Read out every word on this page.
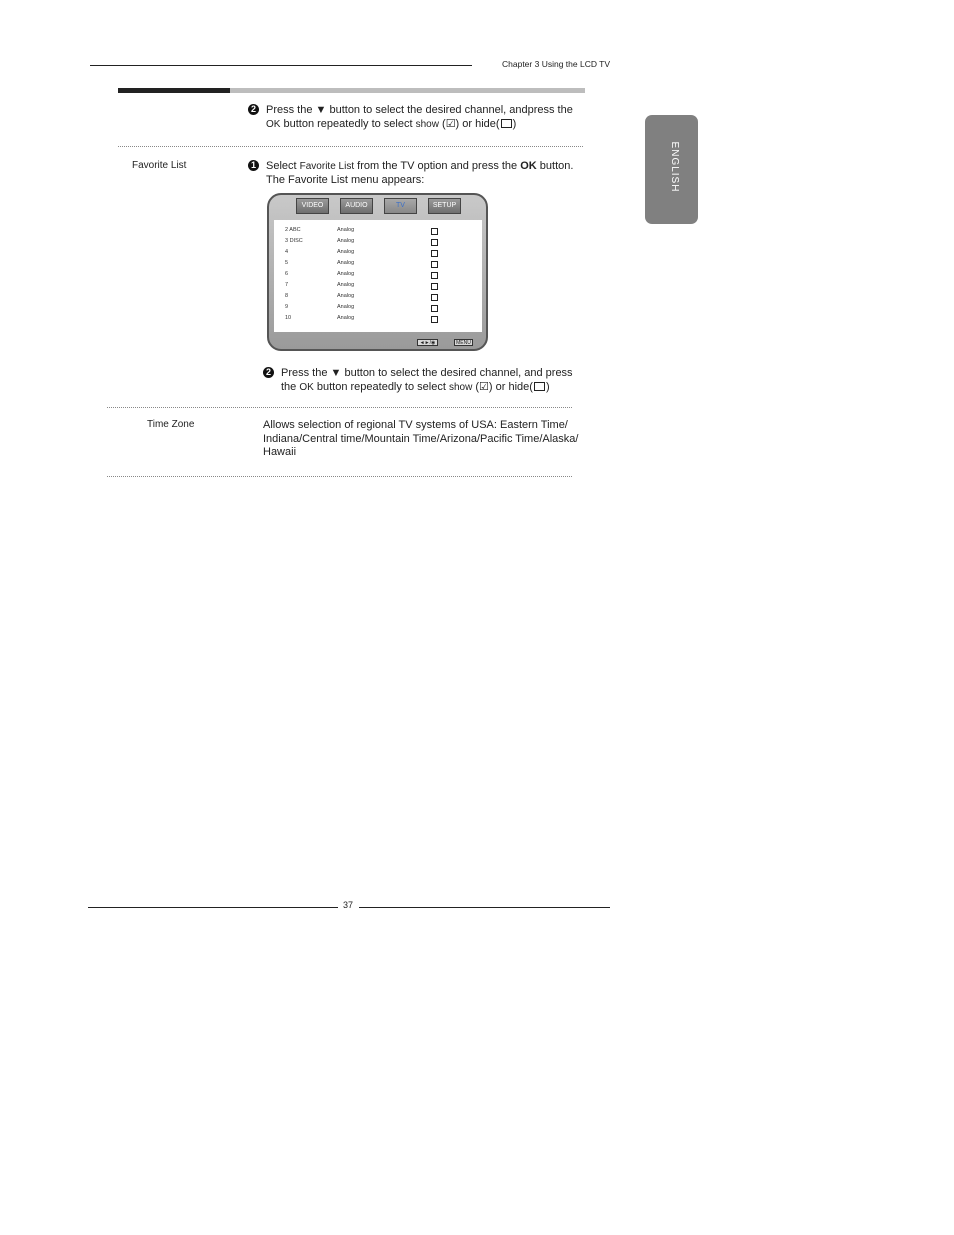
Chapter 3 Using the LCD TV
ENGLISH
2 Press the ▼ button to select the desired channel, andpress the
OK button repeatedly to select show (☑) or hide( )
Favorite List	1 Select Favorite List from the TV option and press the OK button.
The Favorite List menu appears:
VIDEO	AUDIO	TV	SETUP
2 ABC	Analog
3 DISC	Analog
4	Analog
5	Analog
6	Analog
7	Analog
8	Analog
9	Analog
10	Analog
◄►/◉	MENU
2 Press the ▼ button to select the desired channel, and press
the OK button repeatedly to select show (☑) or hide( )
Time Zone	Allows selection of regional TV systems of USA: Eastern Time/
Indiana/Central time/Mountain Time/Arizona/Pacific Time/Alaska/
Hawaii
37
